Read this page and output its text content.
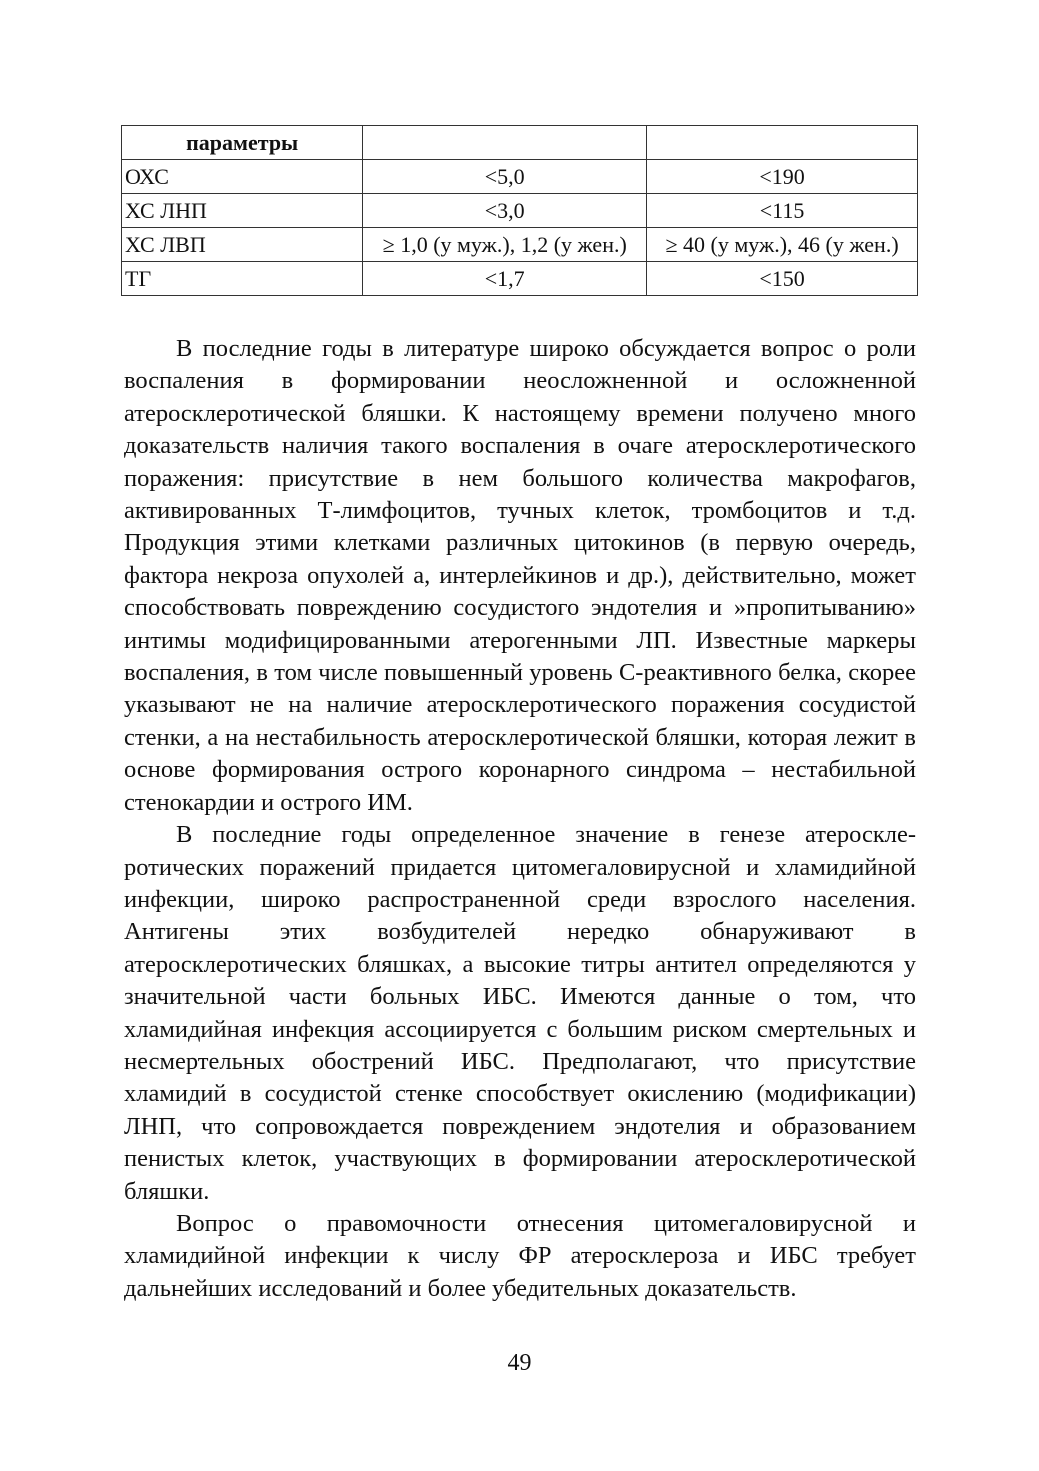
параметры		
ОХС	<5,0	<190
ХС ЛНП	<3,0	<115
ХС ЛВП	≥ 1,0 (у муж.), 1,2 (у жен.)	≥ 40 (у муж.), 46 (у жен.)
ТГ	<1,7	<150

В последние годы в литературе широко обсуждается вопрос о роли воспаления в формировании неосложненной и осложненной атеросклеротической бляшки. К настоящему времени получено много доказательств наличия такого воспаления в очаге атеросклеротического поражения: присутствие в нем большого количества макрофагов, активированных Т-лимфоцитов, тучных клеток, тромбоцитов и т.д. Продукция этими клетками различных цитокинов (в первую очередь, фактора некроза опухолей а, интерлейкинов и др.), действительно, может способствовать повреждению сосудистого эндотелия и »пропитыванию» интимы модифицированными атерогенными ЛП. Известные маркеры воспаления, в том числе повышенный уровень С-реактивного белка, скорее указывают не на наличие атеросклеротического поражения сосудистой стенки, а на нестабильность атеросклеротической бляшки, которая лежит в основе формирования острого коронарного синдрома – нестабильной стенокардии и острого ИМ.

В последние годы определенное значение в генезе атеросклеротических поражений придается цитомегаловирусной и хламидийной инфекции, широко распространенной среди взрослого населения. Антигены этих возбудителей нередко обнаруживают в атеросклеротических бляшках, а высокие титры антител определяются у значительной части больных ИБС. Имеются данные о том, что хламидийная инфекция ассоциируется с большим риском смертельных и несмертельных обострений ИБС. Предполагают, что присутствие хламидий в сосудистой стенке способствует окислению (модификации) ЛНП, что сопровождается повреждением эндотелия и образованием пенистых клеток, участвующих в формировании атеросклеротической бляшки.

Вопрос о правомочности отнесения цитомегаловирусной и хламидийной инфекции к числу ФР атеросклероза и ИБС требует дальнейших исследований и более убедительных доказательств.

49
